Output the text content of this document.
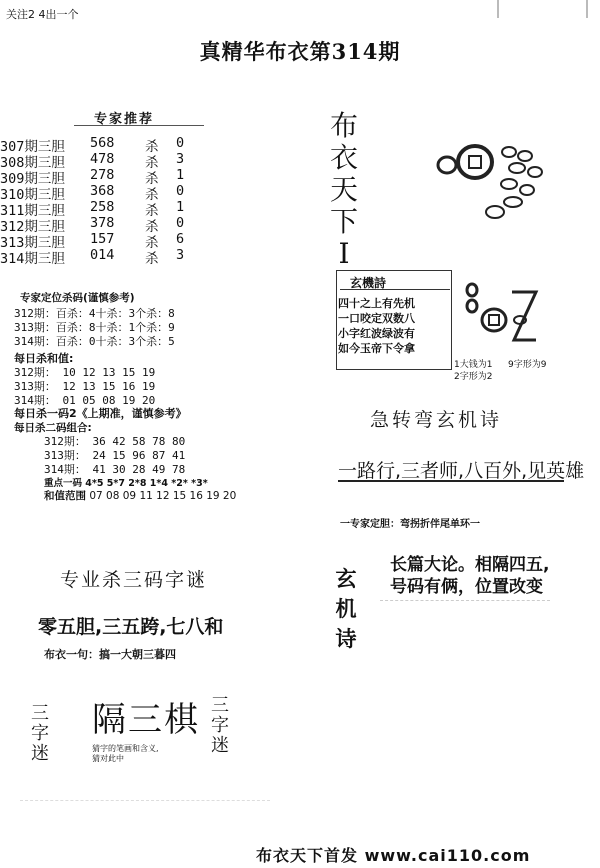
关注2 4出一个
真精华布衣第314期
专家推荐
307期三胆 568 杀 0
308期三胆 478 杀 3
309期三胆 278 杀 1
310期三胆 368 杀 0
311期三胆 258 杀 1
312期三胆 378 杀 0
313期三胆 157 杀 6
314期三胆 014 杀 3
专家定位杀码(谨慎参考)
312期：百杀：4十杀：3个杀：8
313期：百杀：8十杀：1个杀：9
314期：百杀：0十杀：3个杀：5
每日杀和值:
312期： 10 12 13 15 19
313期： 12 13 15 16 19
314期： 01 05 08 19 20
每日杀一码2《上期准，谨慎参考》
每日杀二码组合:
312期： 36 42 58 78 80
313期： 24 15 96 87 41
314期： 41 30 28 49 78
重点一码 4*5 5*7 2*8 1*4 *2* *3*
和值范围 07 08 09 11 12 15 16 19 20
专业杀三码字谜
零五胆,三五跨,七八和
布衣一句：搞一大朝三暮四
隔三棋
猜字的笔画和含义,猜对此中
三字迷
三字迷
布衣天下I
玄機詩
四十之上有先机
一口咬定双数八
小字红波绿波有
如今玉帝下令拿
1大钱为1 9字形为9
2字形为2
急转弯玄机诗
一路行,三者师,八百外,见英雄
一专家定胆：弯拐折伴尾单环一
玄机诗
长篇大论。相隔四五,
号码有俩，位置改变
布衣天下首发 www.cai110.com
